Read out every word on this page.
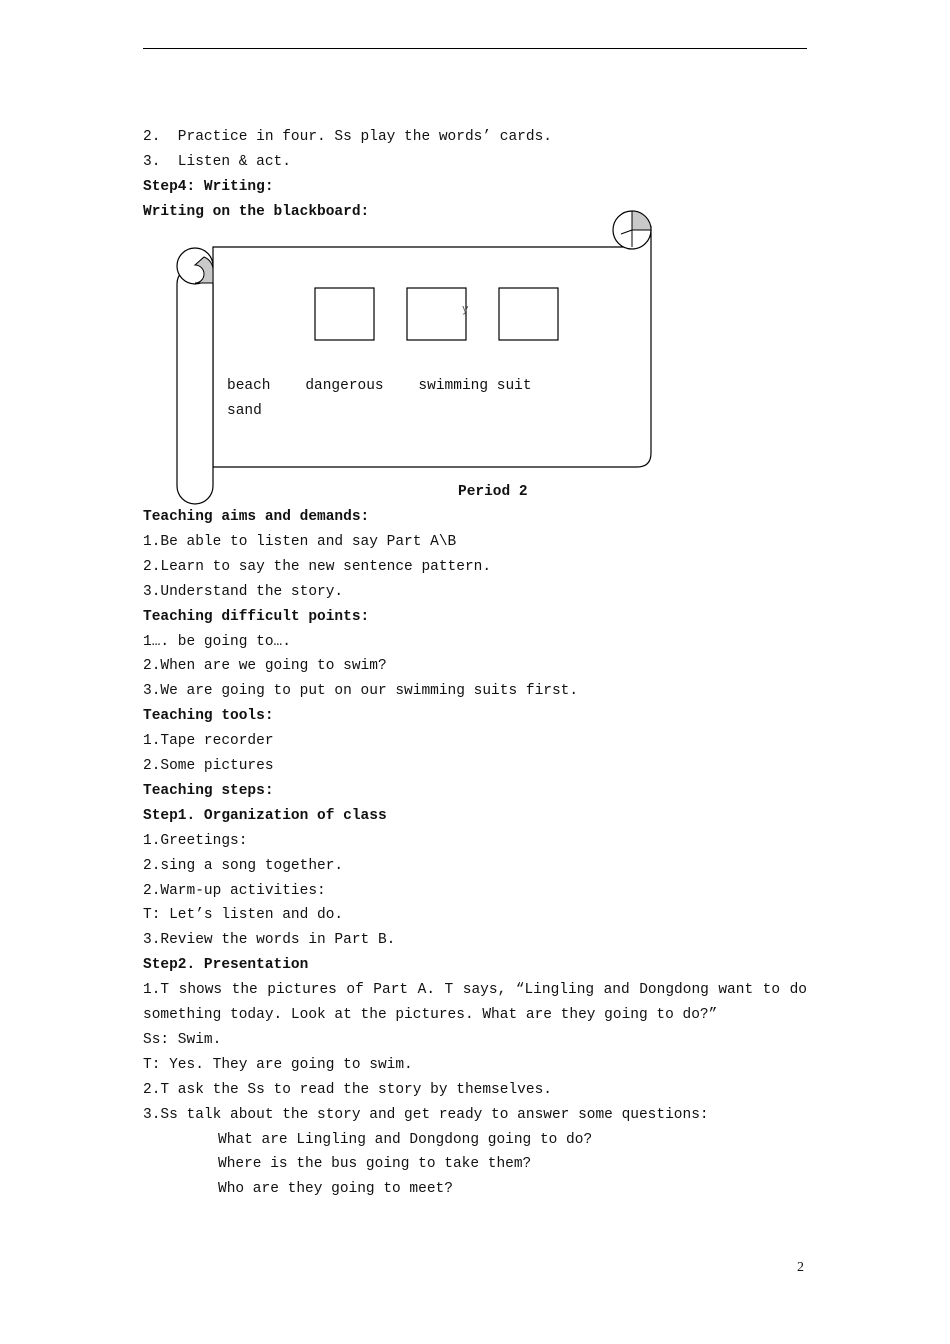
2.  Practice in four. Ss play the words’ cards.
3.  Listen & act.
Step4: Writing:
Writing on the blackboard:
y
beach    dangerous    swimming suit
sand
Period 2
Teaching aims and demands:
1.Be able to listen and say Part A\B
2.Learn to say the new sentence pattern.
3.Understand the story.
Teaching difficult points:
1…. be going to….
2.When are we going to swim?
3.We are going to put on our swimming suits first.
Teaching tools:
1.Tape recorder
2.Some pictures
Teaching steps:
Step1. Organization of class
1.Greetings:
2.sing a song together.
2.Warm-up activities:
T: Let’s listen and do.
3.Review the words in Part B.
Step2. Presentation
1.T shows the pictures of Part A. T says, “Lingling and Dongdong want to do
something today. Look at the pictures. What are they going to do?”
Ss: Swim.
T: Yes. They are going to swim.
2.T ask the Ss to read the story by themselves.
3.Ss talk about the story and get ready to answer some questions:
What are Lingling and Dongdong going to do?
Where is the bus going to take them?
Who are they going to meet?
2
